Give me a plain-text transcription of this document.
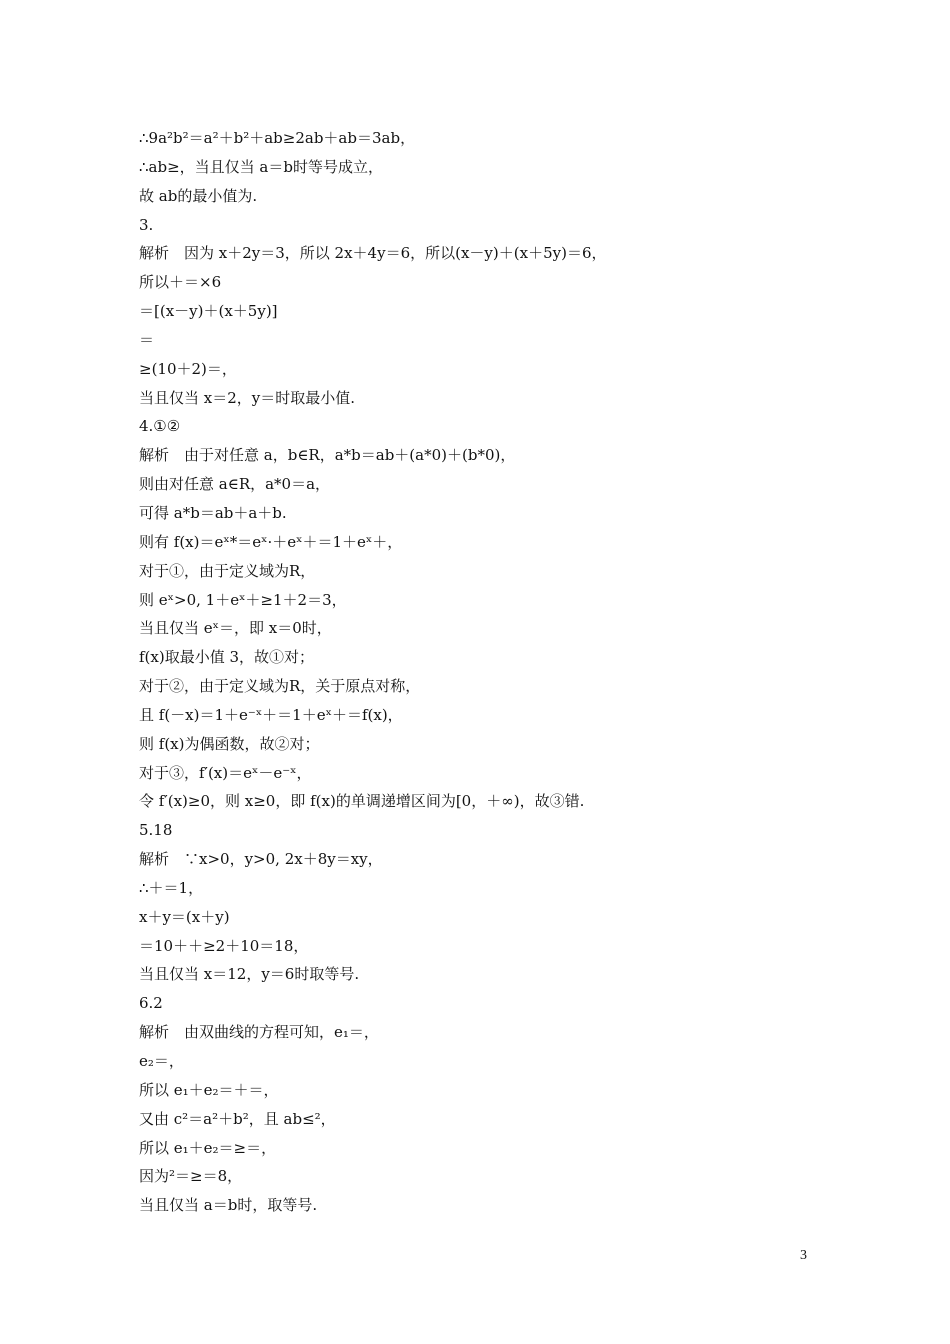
∴9a²b²＝a²＋b²＋ab≥2ab＋ab＝3ab，
∴ab≥，当且仅当 a＝b时等号成立，
故 ab的最小值为.
3.
解析　因为 x＋2y＝3，所以 2x＋4y＝6，所以(x－y)＋(x＋5y)＝6，
所以＋＝×6
＝[(x－y)＋(x＋5y)]
＝
≥(10＋2)＝，
当且仅当 x＝2，y＝时取最小值.
4.①②
解析　由于对任意 a，b∈R，a*b＝ab＋(a*0)＋(b*0)，
则由对任意 a∈R，a*0＝a，
可得 a*b＝ab＋a＋b.
则有 f(x)＝eˣ*＝eˣ·＋eˣ＋＝1＋eˣ＋，
对于①，由于定义域为R，
则 eˣ>0, 1＋eˣ＋≥1＋2＝3，
当且仅当 eˣ＝，即 x＝0时，
f(x)取最小值 3，故①对；
对于②，由于定义域为R，关于原点对称，
且 f(－x)＝1＋e⁻ˣ＋＝1＋eˣ＋＝f(x)，
则 f(x)为偶函数，故②对；
对于③，f′(x)＝eˣ－e⁻ˣ，
令 f′(x)≥0，则 x≥0，即 f(x)的单调递增区间为[0，＋∞)，故③错.
5.18
解析　∵x>0，y>0, 2x＋8y＝xy，
∴＋＝1，
x＋y＝(x＋y)
＝10＋＋≥2＋10＝18，
当且仅当 x＝12，y＝6时取等号.
6.2
解析　由双曲线的方程可知，e₁＝，
e₂＝，
所以 e₁＋e₂＝＋＝，
又由 c²＝a²＋b²，且 ab≤²，
所以 e₁＋e₂＝≥＝，
因为²＝≥＝8，
当且仅当 a＝b时，取等号.
3
